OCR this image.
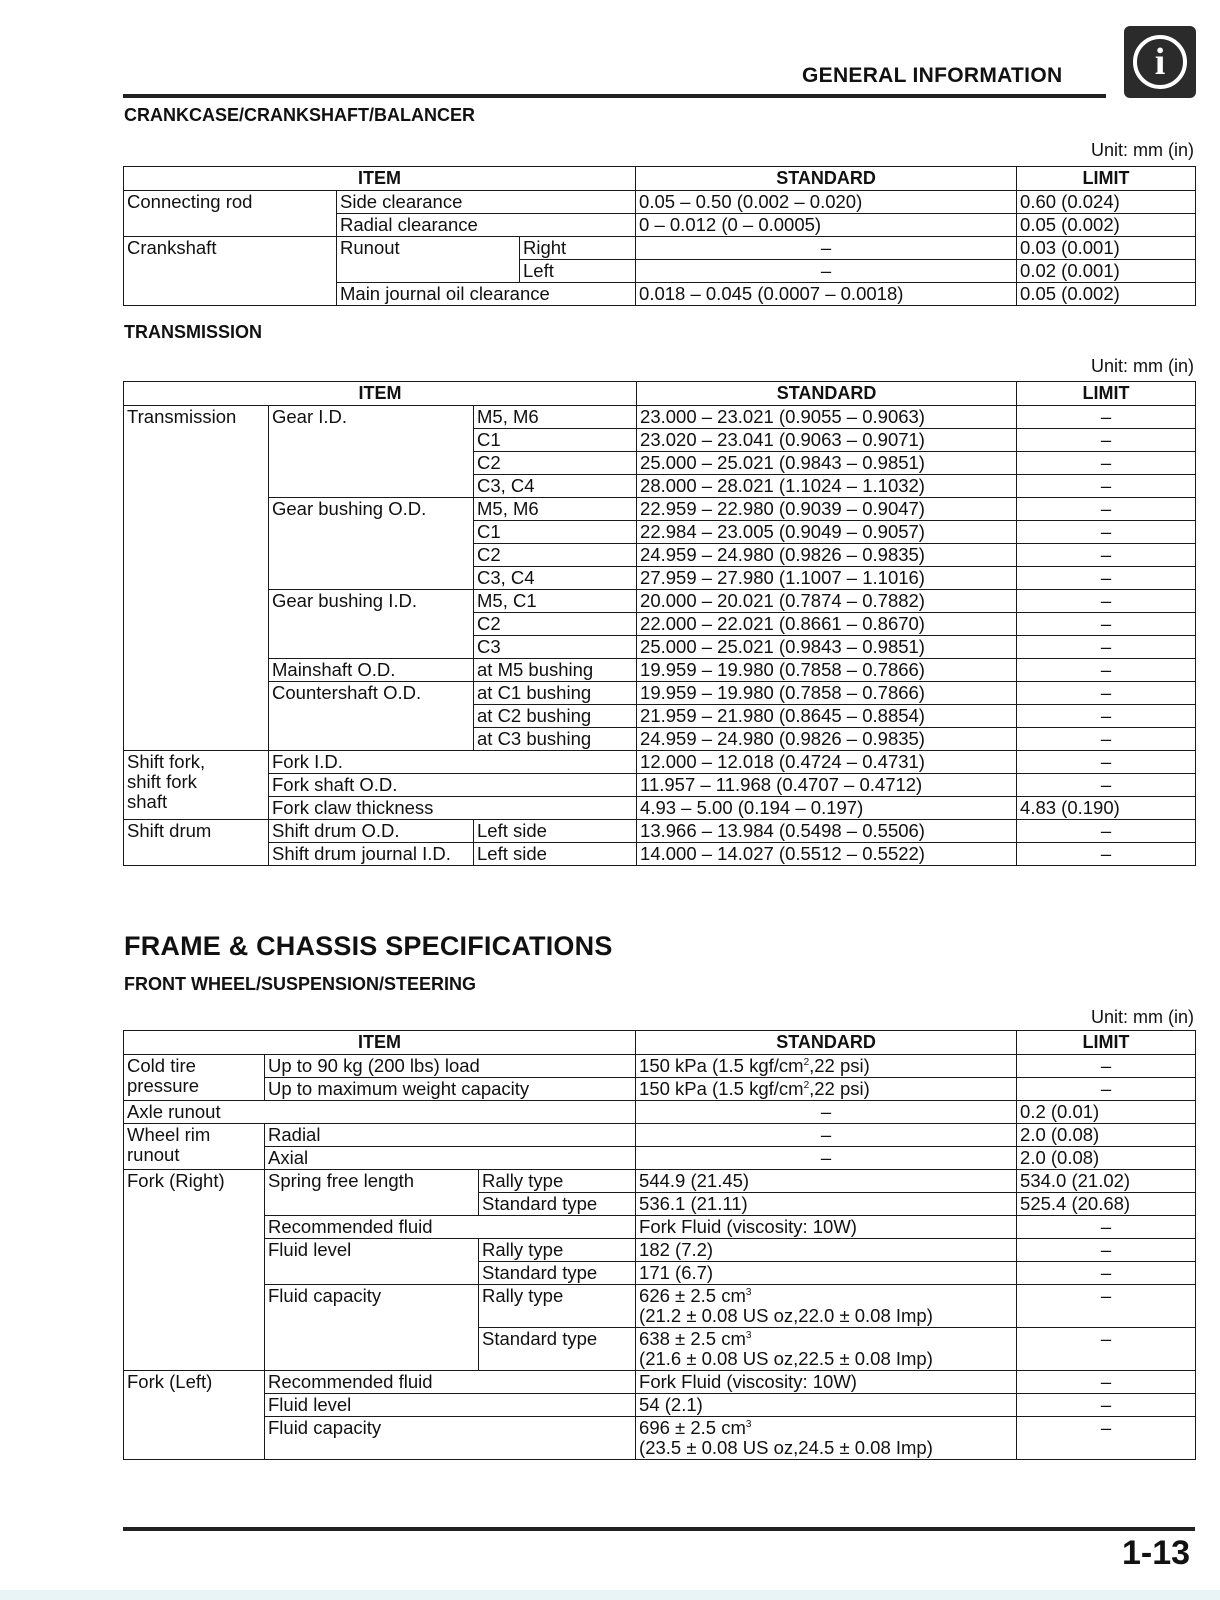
GENERAL INFORMATION	i
CRANKCASE/CRANKSHAFT/BALANCER
Unit: mm (in)
ITEM			STANDARD	LIMIT
Connecting rod	Side clearance		0.05 – 0.50 (0.002 – 0.020)	0.60 (0.024)
	Radial clearance		0 – 0.012 (0 – 0.0005)	0.05 (0.002)
Crankshaft	Runout	Right	–	0.03 (0.001)
		Left	–	0.02 (0.001)
	Main journal oil clearance		0.018 – 0.045 (0.0007 – 0.0018)	0.05 (0.002)
TRANSMISSION
Unit: mm (in)
ITEM			STANDARD	LIMIT
Transmission	Gear I.D.	M5, M6	23.000 – 23.021 (0.9055 – 0.9063)	–
		C1	23.020 – 23.041 (0.9063 – 0.9071)	–
		C2	25.000 – 25.021 (0.9843 – 0.9851)	–
		C3, C4	28.000 – 28.021 (1.1024 – 1.1032)	–
	Gear bushing O.D.	M5, M6	22.959 – 22.980 (0.9039 – 0.9047)	–
		C1	22.984 – 23.005 (0.9049 – 0.9057)	–
		C2	24.959 – 24.980 (0.9826 – 0.9835)	–
		C3, C4	27.959 – 27.980 (1.1007 – 1.1016)	–
	Gear bushing I.D.	M5, C1	20.000 – 20.021 (0.7874 – 0.7882)	–
		C2	22.000 – 22.021 (0.8661 – 0.8670)	–
		C3	25.000 – 25.021 (0.9843 – 0.9851)	–
	Mainshaft O.D.	at M5 bushing	19.959 – 19.980 (0.7858 – 0.7866)	–
	Countershaft O.D.	at C1 bushing	19.959 – 19.980 (0.7858 – 0.7866)	–
		at C2 bushing	21.959 – 21.980 (0.8645 – 0.8854)	–
		at C3 bushing	24.959 – 24.980 (0.9826 – 0.9835)	–

Shift fork,
shift fork
shaft	Fork I.D.		12.000 – 12.018 (0.4724 – 0.4731)	–
	Fork shaft O.D.		11.957 – 11.968 (0.4707 – 0.4712)	–
	Fork claw thickness		4.93 – 5.00 (0.194 – 0.197)	4.83 (0.190)
Shift drum	Shift drum O.D.	Left side	13.966 – 13.984 (0.5498 – 0.5506)	–
	Shift drum journal I.D.	Left side	14.000 – 14.027 (0.5512 – 0.5522)	–
FRAME & CHASSIS SPECIFICATIONS
FRONT WHEEL/SUSPENSION/STEERING
Unit: mm (in)
ITEM			STANDARD	LIMIT

Cold tire
pressure	Up to 90 kg (200 lbs) load		150 kPa (1.5 kgf/$cm^2,22$ psi)	–
	Up to maximum weight capacity		150 kPa (1.5 kgf/$cm^2,22$ psi)	–
Axle runout			–	0.2 (0.01)

Wheel rim
runout	Radial		–	2.0 (0.08)
	Axial		–	2.0 (0.08)
Fork (Right)	Spring free length	Rally type	544.9 (21.45)	534.0 (21.02)
		Standard type	536.1 (21.11)	525.4 (20.68)
	Recommended fluid		Fork Fluid (viscosity: 10W)	–
	Fluid level	Rally type	182 (7.2)	–
		Standard type	171 (6.7)	–
	Fluid capacity	Rally type	626 ± 2.5 $cm^3$
(21.2 ± 0.08 US oz,22.0 ± 0.08 Imp)	–
		Standard type	638 ± 2.5 $cm^3$
(21.6 ± 0.08 US oz,22.5 ± 0.08 Imp)	–
Fork (Left)	Recommended fluid		Fork Fluid (viscosity: 10W)	–
	Fluid level		54 (2.1)	–
	Fluid capacity		696 ± 2.5 $cm^3$
(23.5 ± 0.08 US oz,24.5 ± 0.08 Imp)	–
1-13
